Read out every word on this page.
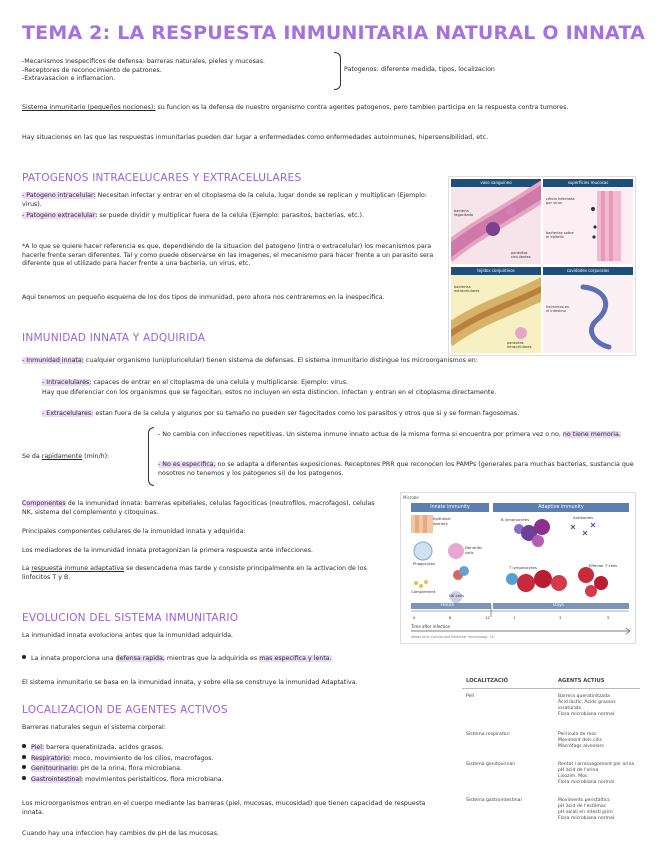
TEMA 2: LA RESPUESTA INMUNITARIA NATURAL O INNATA
-Mecanismos inespecíficos de defensa: barreras naturales, pieles y mucosas.
-Receptores de reconocimiento de patrones.
-Extravasacion e inflamacion.
Patogenos: diferente medida, tipos, localizacion
Sistema inmunitario (pequeños nociones): su funcion es la defensa de nuestro organismo contra agentes patogenos, pero tambien participa en la respuesta contra tumores.
Hay situaciones en las que las respuestas inmunitarias pueden dar lugar a enfermedades como enfermedades autoinmunes, hipersensibilidad, etc.
PATOGENOS INTRACELUCARES Y EXTRACELULARES
- Patogeno intracelular: Necesitan infectar y entrar en el citoplasma de la celula, lugar donde se replican y multiplican (Ejemplo: virus).
- Patogeno extracelular: se puede dividir y multiplicar fuera de la celula (Ejemplo: parasitos, bacterias, etc.).
*A lo que se quiere hacer referencia es que, dependiendo de la situacion del patogeno (intra o extracelular) los mecanismos para hacerle frente seran diferentes. Tal y como puede observarse en las imagenes, el mecanismo para hacer frente a un parasito sera diferente que el utilizado para hacer frente a una bacteria, un virus, etc.
Aqui tenemos un pequeño esquema de los dos tipos de inmunidad, pero ahora nos centraremos en la inespecifica.
vaso sanguíneo
bacteria fagocitada
parásitos circulantes
superficies mucosas
célula infectada por virus
bacterias sobre el epitelio
tejidos conjuntivos
bacterias extracelulares
parásitos intracelulares
cavidades corporales
helmintos en el intestino
INMUNIDAD INNATA Y ADQUIRIDA
- Inmunidad innata: cualquier organismo (uni/pluricelular) tienen sistema de defensas. El sistema inmunitario distingue los microorganismos en:
- Intracelulares: capaces de entrar en el citoplasma de una celula y multiplicarse. Ejemplo: virus.
Hay que diferenciar con los organismos que se fagocitan, estos no incluyen en esta distincion. Infectan y entran en el citoplasma directamente.
- Extracelulares: estan fuera de la celula y algunos por su tamaño no pueden ser fagocitados como los parasitos y otros que si y se forman fagosomas.
Se da rapidamente (min/h):
- No cambia con infecciones repetitivas. Un sistema inmune innato actua de la misma forma si encuentra por primera vez o no, no tiene memoria.
- No es especifica, no se adapta a diferentes exposiciones. Receptores PRR que reconocen los PAMPs (generales para muchas bacterias, sustancia que nosotros no tenemos y los patogenos si) de los patogenos.
Componentes de la inmunidad innata: barreras epiteliales, celulas fagociticas (neutrofilos, macrofagos), celulas NK, sistema del complemento y citoquinas.
Principales componentes celulares de la inmunidad innata y adquirida:
Los mediadores de la inmunidad innata protagonizan la primera respuesta ante infecciones.
La respuesta inmune adaptativa se desencadena mas tarde y consiste principalmente en la activacion de los linfocitos T y B.
Microbe
Innate immunity	Adaptive immunity
Epithelial barriers
Phagocytes
Dendritic cells
Complement
NK cells
B lymphocytes	Antibodies
T lymphocytes	Effector T cells
Hours	Days
0	6	12	1	3	5
Time after infection
Abbas et al: Cellular and Molecular Immunology, 7e.
EVOLUCION DEL SISTEMA INMUNITARIO
La inmunidad innata evoluciona antes que la inmunidad adquirida.
La innata proporciona una defensa rapida, mientras que la adquirida es mas especifica y lenta.
El sistema inmunitario se basa en la inmunidad innata, y sobre ella se construye la inmunidad Adaptativa.
LOCALIZACION DE AGENTES ACTIVOS
Barreras naturales segun el sistema corporal:
Piel: barrera queratinizada, acidos grasos.
Respiratorio: moco, movimiento de los cilios, macrofagos.
Genitourinario: pH de la orina, flora microbiana.
Gastrointestinal: movimientos peristalticos, flora microbiana.
Los microorganismos entran en el cuerpo mediante las barreras (piel, mucosas, mucosidad) que tienen capacidad de respuesta innata.
Cuando hay una infeccion hay cambios de pH de las mucosas.
LOCALITZACIÓ	AGENTS ACTIUS
Pell	Barrera queratinitzada
Àcid làctic, Àcids grassos insaturats
Flora microbiana normal
Sistema respiratori	Pel·lícula de moc
Moviment dels cilis
Macròfags alveolars
Sistema genitourinari	Rentat i arrossegament per orina
pH àcid de l'orina
Lisozim, Moc
Flora microbiana normal
Sistema gastrointestinal	Moviments peristàltics
pH àcid de l'estómac
pH alcalí en intestí prim
Flora microbiana normal
